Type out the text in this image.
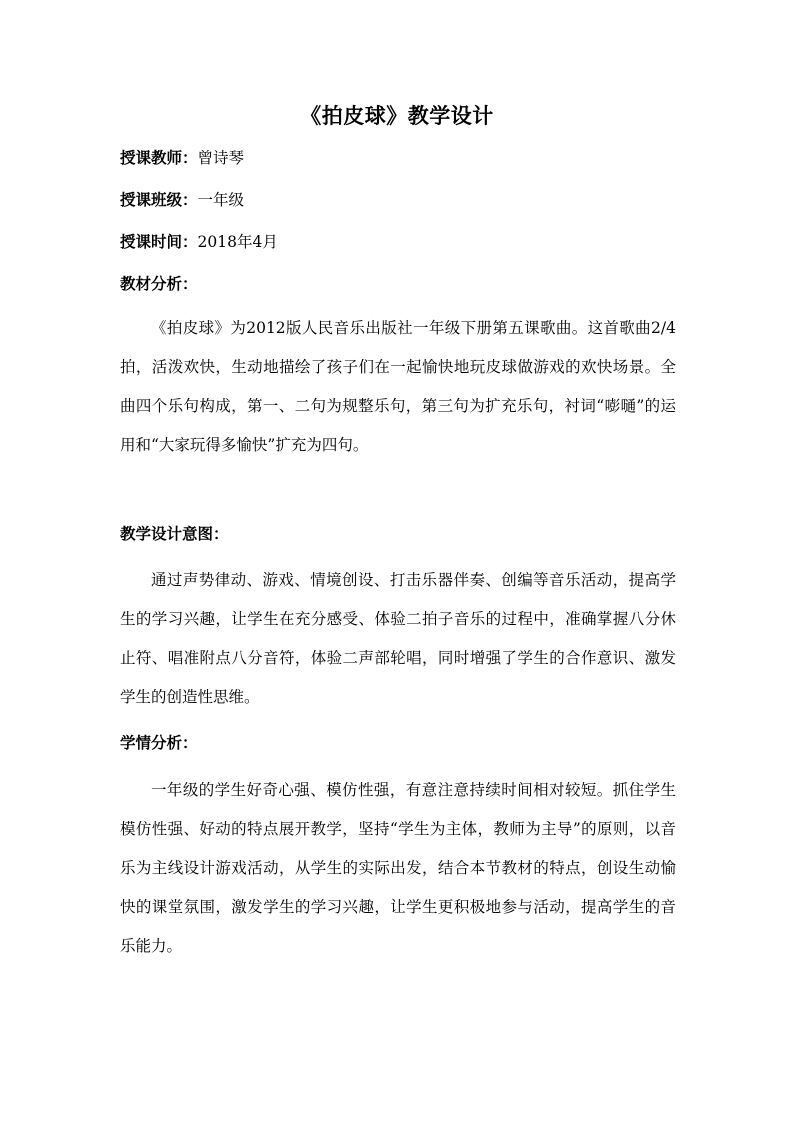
《拍皮球》教学设计
授课教师：曾诗琴
授课班级：一年级
授课时间：2018年4月
教材分析：

《拍皮球》为2012版人民音乐出版社一年级下册第五课歌曲。这首歌曲2/4拍，活泼欢快，生动地描绘了孩子们在一起愉快地玩皮球做游戏的欢快场景。全曲四个乐句构成，第一、二句为规整乐句，第三句为扩充乐句，衬词“嘭嗵”的运用和“大家玩得多愉快”扩充为四句。

教学设计意图：

通过声势律动、游戏、情境创设、打击乐器伴奏、创编等音乐活动，提高学生的学习兴趣，让学生在充分感受、体验二拍子音乐的过程中，准确掌握八分休止符、唱准附点八分音符，体验二声部轮唱，同时增强了学生的合作意识、激发学生的创造性思维。

学情分析：

一年级的学生好奇心强、模仿性强，有意注意持续时间相对较短。抓住学生模仿性强、好动的特点展开教学，坚持“学生为主体，教师为主导”的原则，以音乐为主线设计游戏活动，从学生的实际出发，结合本节教材的特点，创设生动愉快的课堂氛围，激发学生的学习兴趣，让学生更积极地参与活动，提高学生的音乐能力。
